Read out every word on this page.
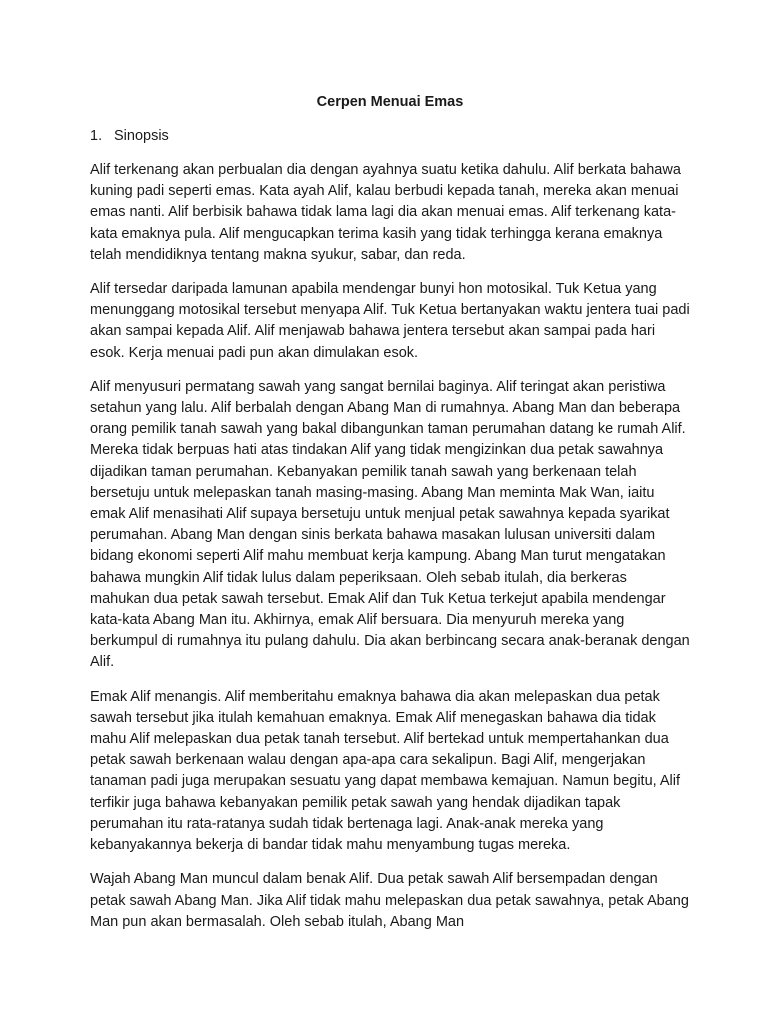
Cerpen Menuai Emas
1. Sinopsis

Alif terkenang akan perbualan dia dengan ayahnya suatu ketika dahulu. Alif berkata bahawa kuning padi seperti emas. Kata ayah Alif, kalau berbudi kepada tanah, mereka akan menuai emas nanti. Alif berbisik bahawa tidak lama lagi dia akan menuai emas. Alif terkenang kata-kata emaknya pula. Alif mengucapkan terima kasih yang tidak terhingga kerana emaknya telah mendidiknya tentang makna syukur, sabar, dan reda.

Alif tersedar daripada lamunan apabila mendengar bunyi hon motosikal. Tuk Ketua yang menunggang motosikal tersebut menyapa Alif. Tuk Ketua bertanyakan waktu jentera tuai padi akan sampai kepada Alif. Alif menjawab bahawa jentera tersebut akan sampai pada hari esok. Kerja menuai padi pun akan dimulakan esok.

Alif menyusuri permatang sawah yang sangat bernilai baginya. Alif teringat akan peristiwa setahun yang lalu. Alif berbalah dengan Abang Man di rumahnya. Abang Man dan beberapa orang pemilik tanah sawah yang bakal dibangunkan taman perumahan datang ke rumah Alif. Mereka tidak berpuas hati atas tindakan Alif yang tidak mengizinkan dua petak sawahnya dijadikan taman perumahan. Kebanyakan pemilik tanah sawah yang berkenaan telah bersetuju untuk melepaskan tanah masing-masing. Abang Man meminta Mak Wan, iaitu emak Alif menasihati Alif supaya bersetuju untuk menjual petak sawahnya kepada syarikat perumahan. Abang Man dengan sinis berkata bahawa masakan lulusan universiti dalam bidang ekonomi seperti Alif mahu membuat kerja kampung. Abang Man turut mengatakan bahawa mungkin Alif tidak lulus dalam peperiksaan. Oleh sebab itulah, dia berkeras mahukan dua petak sawah tersebut. Emak Alif dan Tuk Ketua terkejut apabila mendengar kata-kata Abang Man itu. Akhirnya, emak Alif bersuara. Dia menyuruh mereka yang berkumpul di rumahnya itu pulang dahulu. Dia akan berbincang secara anak-beranak dengan Alif.

Emak Alif menangis. Alif memberitahu emaknya bahawa dia akan melepaskan dua petak sawah tersebut jika itulah kemahuan emaknya. Emak Alif menegaskan bahawa dia tidak mahu Alif melepaskan dua petak tanah tersebut. Alif bertekad untuk mempertahankan dua petak sawah berkenaan walau dengan apa-apa cara sekalipun. Bagi Alif, mengerjakan tanaman padi juga merupakan sesuatu yang dapat membawa kemajuan. Namun begitu, Alif terfikir juga bahawa kebanyakan pemilik petak sawah yang hendak dijadikan tapak perumahan itu rata-ratanya sudah tidak bertenaga lagi. Anak-anak mereka yang kebanyakannya bekerja di bandar tidak mahu menyambung tugas mereka.

Wajah Abang Man muncul dalam benak Alif. Dua petak sawah Alif bersempadan dengan petak sawah Abang Man. Jika Alif tidak mahu melepaskan dua petak sawahnya, petak Abang Man pun akan bermasalah. Oleh sebab itulah, Abang Man
